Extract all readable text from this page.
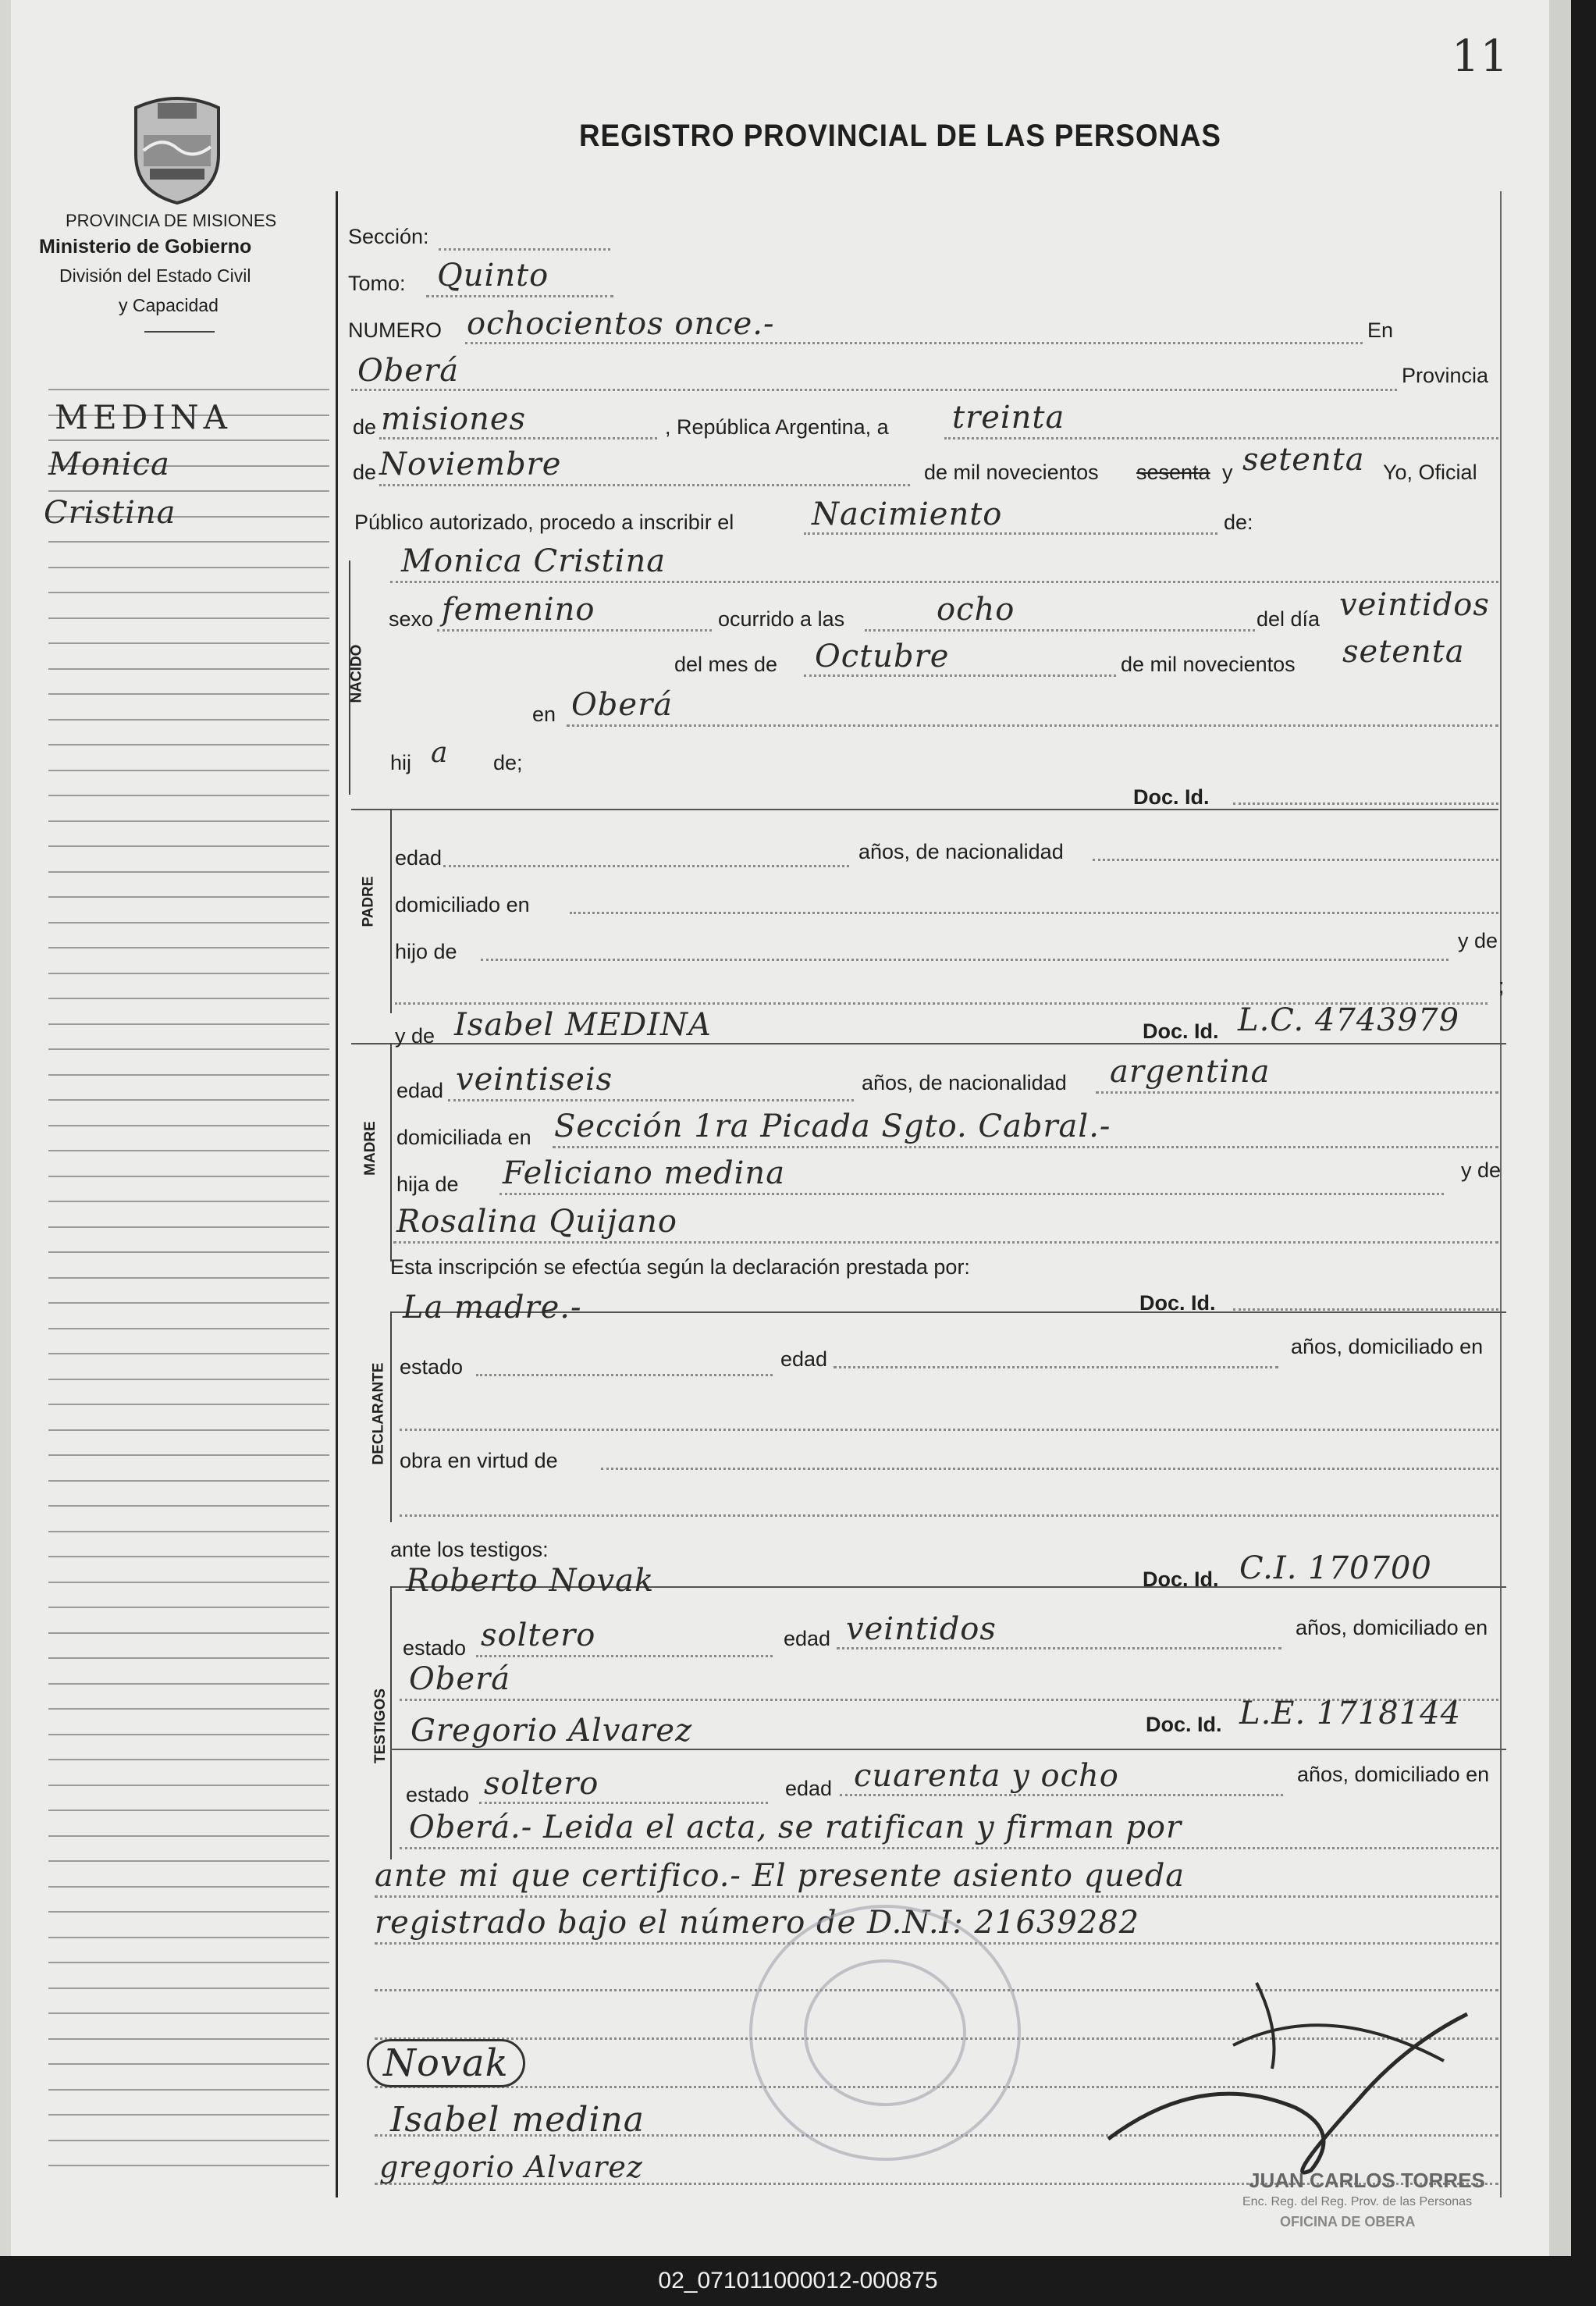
11
PROVINCIA DE MISIONES
Ministerio de Gobierno
División del Estado Civil
y Capacidad
REGISTRO PROVINCIAL DE LAS PERSONAS
MEDINA
Monica
Cristina
Sección:
Tomo: Quinto
NUMERO ochocientos once.-	En
Oberá	Provincia
de misiones	, República Argentina, a treinta
de Noviembre	de mil novecientos sesenta y setenta Yo, Oficial
Público autorizado, procedo a inscribir el Nacimiento	de:
NACIDO
Monica Cristina
sexo femenino	ocurrido a las	ocho	del día veintidos
del mes de Octubre	de mil novecientos setenta
en Oberá
hij a de;
PADRE
Doc. Id.
edad	años, de nacionalidad
domiciliado en
hijo de	y de
;
MADRE
y de Isabel MEDINA	Doc. Id. L.C. 4743979
edad veintiseis	años, de nacionalidad argentina
domiciliada en Sección 1ra Picada Sgto. Cabral.-
hija de Feliciano medina	y de
Rosalina Quijano
Esta inscripción se efectúa según la declaración prestada por:
DECLARANTE
La madre.-	Doc. Id.
estado	edad
años, domiciliado en
obra en virtud de
ante los testigos:
TESTIGOS
Roberto Novak	Doc. Id. C.I. 170700
estado soltero	edad veintidos	años, domiciliado en
Oberá
Gregorio Alvarez	Doc. Id. L.E. 1718144
estado soltero	edad cuarenta y ocho	años, domiciliado en
Oberá.- Leida el acta, se ratifican y firman por
ante mi que certifico.- El presente asiento queda
registrado bajo el número de D.N.I: 21639282
Novak
Isabel medina
gregorio Alvarez	JUAN CARLOS TORRES
Enc. Reg. del Reg. Prov. de las Personas
OFICINA DE OBERA
02_071011000012-000875
